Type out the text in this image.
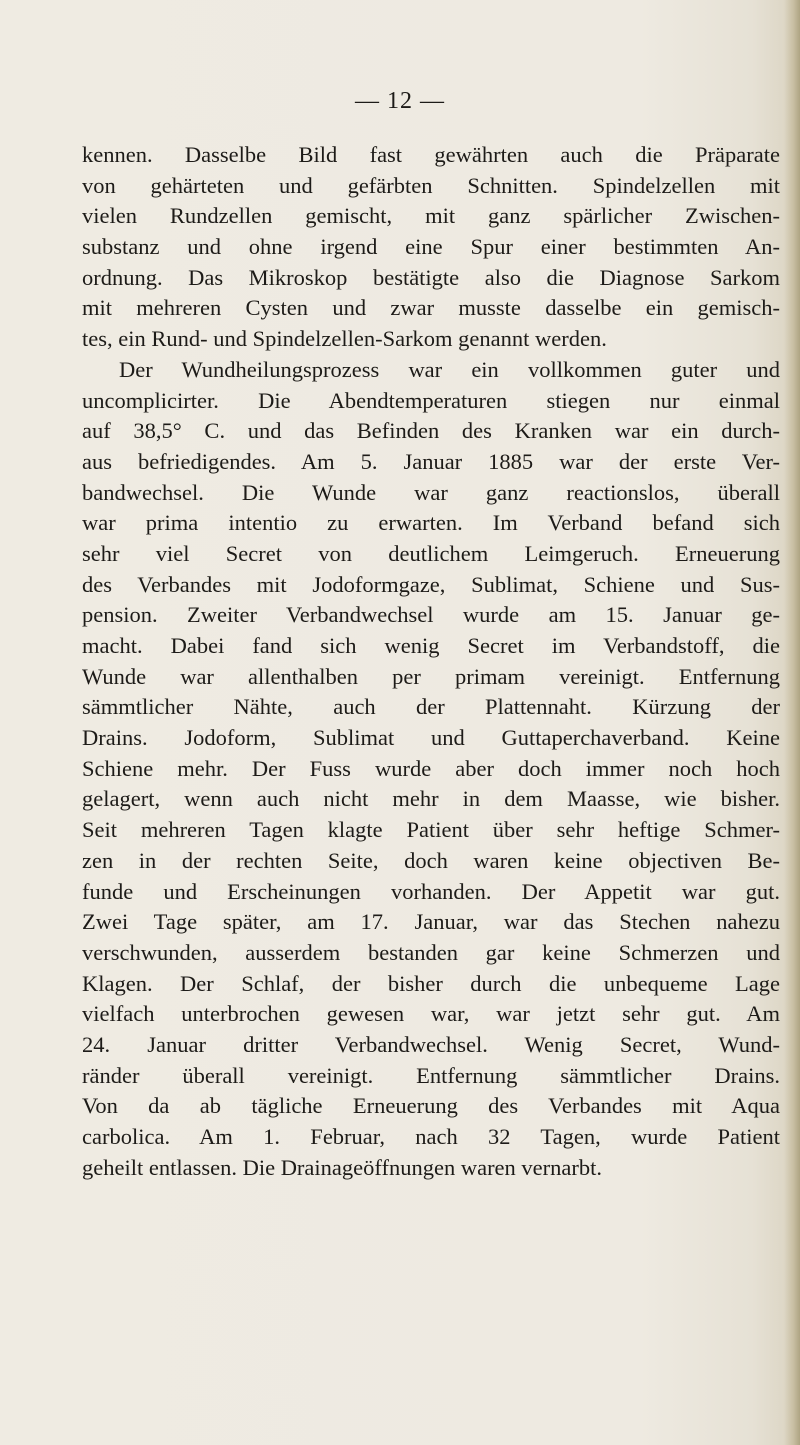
— 12 —
kennen. Dasselbe Bild fast gewährten auch die Präparate
von gehärteten und gefärbten Schnitten. Spindelzellen mit
vielen Rundzellen gemischt, mit ganz spärlicher Zwischen-
substanz und ohne irgend eine Spur einer bestimmten An-
ordnung. Das Mikroskop bestätigte also die Diagnose Sarkom
mit mehreren Cysten und zwar musste dasselbe ein gemisch-
tes, ein Rund- und Spindelzellen-Sarkom genannt werden.
Der Wundheilungsprozess war ein vollkommen guter und
uncomplicirter. Die Abendtemperaturen stiegen nur einmal
auf 38,5° C. und das Befinden des Kranken war ein durch-
aus befriedigendes. Am 5. Januar 1885 war der erste Ver-
bandwechsel. Die Wunde war ganz reactionslos, überall
war prima intentio zu erwarten. Im Verband befand sich
sehr viel Secret von deutlichem Leimgeruch. Erneuerung
des Verbandes mit Jodoformgaze, Sublimat, Schiene und Sus-
pension. Zweiter Verbandwechsel wurde am 15. Januar ge-
macht. Dabei fand sich wenig Secret im Verbandstoff, die
Wunde war allenthalben per primam vereinigt. Entfernung
sämmtlicher Nähte, auch der Plattennaht. Kürzung der
Drains. Jodoform, Sublimat und Guttaperchaverband. Keine
Schiene mehr. Der Fuss wurde aber doch immer noch hoch
gelagert, wenn auch nicht mehr in dem Maasse, wie bisher.
Seit mehreren Tagen klagte Patient über sehr heftige Schmer-
zen in der rechten Seite, doch waren keine objectiven Be-
funde und Erscheinungen vorhanden. Der Appetit war gut.
Zwei Tage später, am 17. Januar, war das Stechen nahezu
verschwunden, ausserdem bestanden gar keine Schmerzen und
Klagen. Der Schlaf, der bisher durch die unbequeme Lage
vielfach unterbrochen gewesen war, war jetzt sehr gut. Am
24. Januar dritter Verbandwechsel. Wenig Secret, Wund-
ränder überall vereinigt. Entfernung sämmtlicher Drains.
Von da ab tägliche Erneuerung des Verbandes mit Aqua
carbolica. Am 1. Februar, nach 32 Tagen, wurde Patient
geheilt entlassen. Die Drainageöffnungen waren vernarbt.
